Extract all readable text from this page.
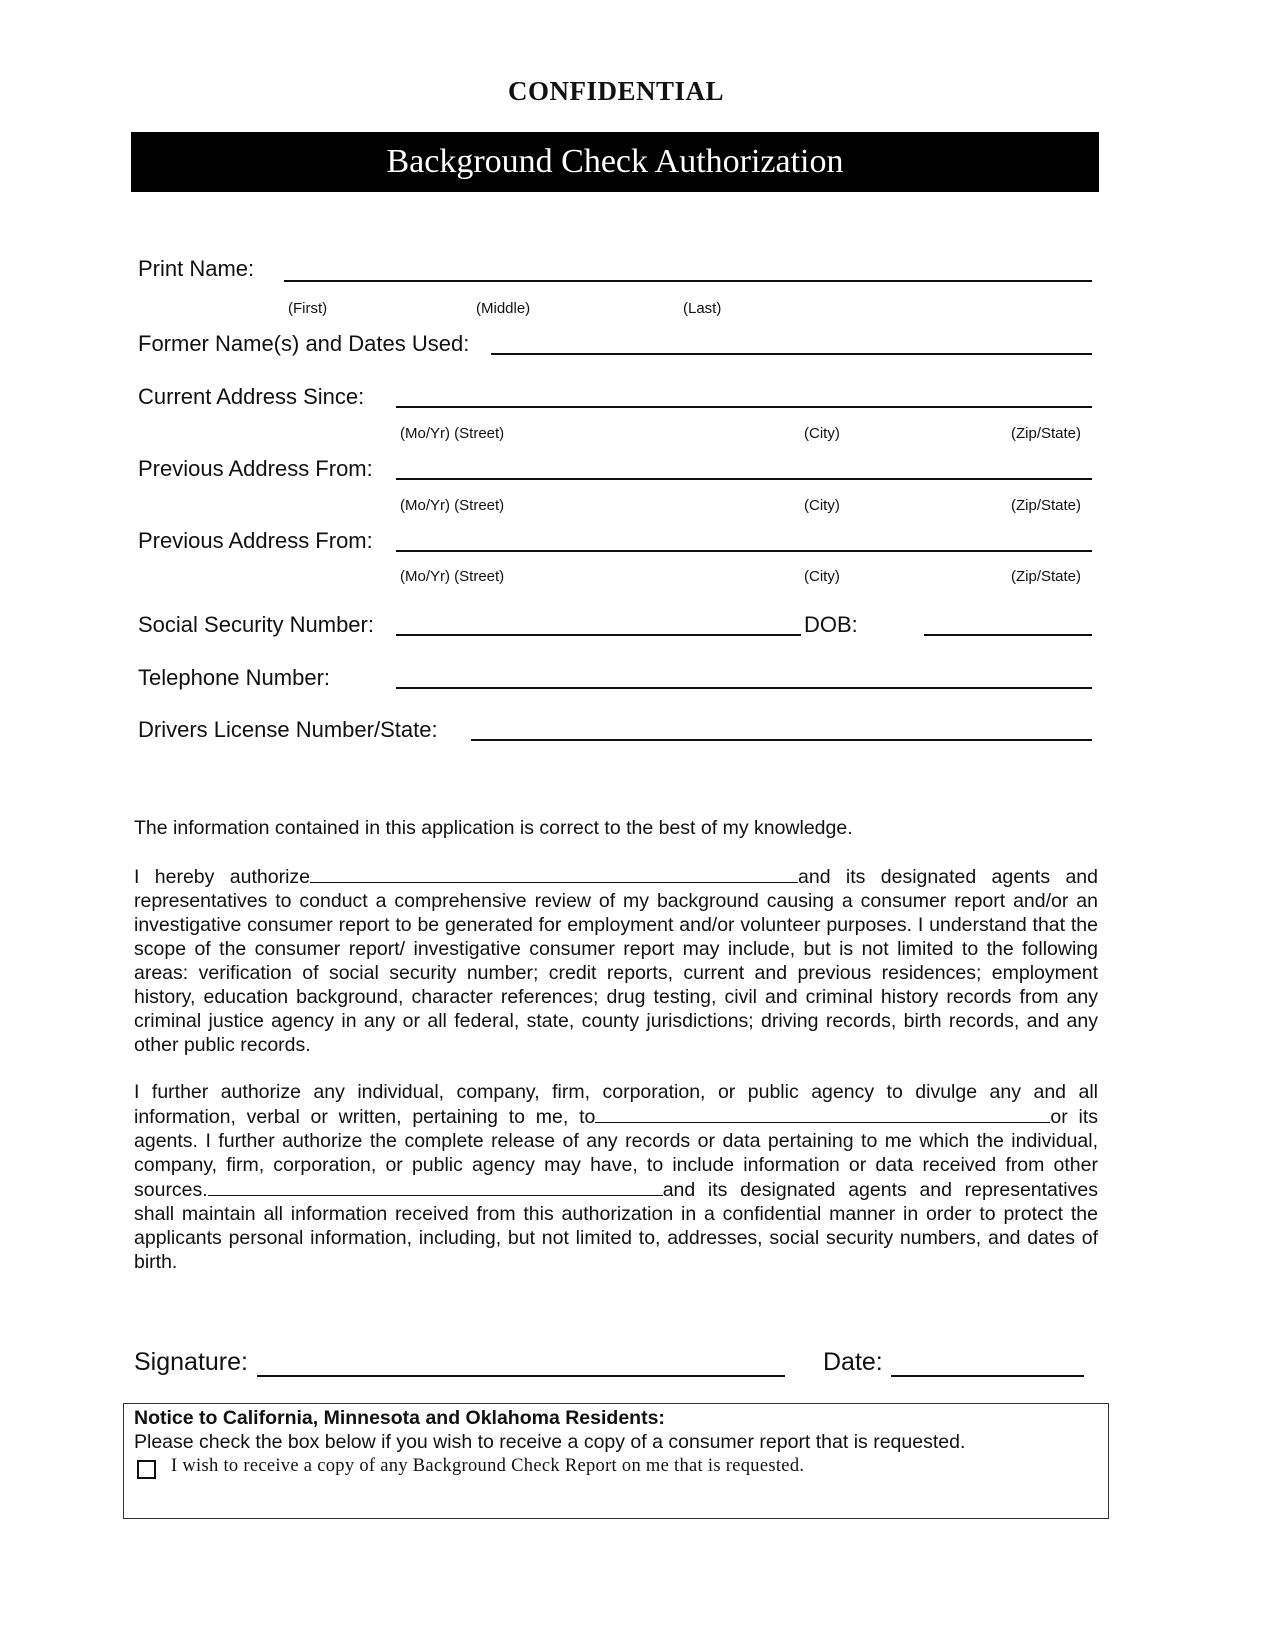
CONFIDENTIAL
Background Check Authorization
Print Name:
(First)	(Middle)	(Last)
Former Name(s) and Dates Used:
Current Address Since:
(Mo/Yr) (Street)	(City)	(Zip/State)
Previous Address From:
(Mo/Yr) (Street)	(City)	(Zip/State)
Previous Address From:
(Mo/Yr) (Street)	(City)	(Zip/State)
Social Security Number:	DOB:
Telephone Number:
Drivers License Number/State:
The information contained in this application is correct to the best of my knowledge.

I hereby authorize	and its designated agents and representatives to conduct a comprehensive review of my background causing a consumer report and/or an investigative consumer report to be generated for employment and/or volunteer purposes. I understand that the scope of the consumer report/ investigative consumer report may include, but is not limited to the following areas: verification of social security number; credit reports, current and previous residences; employment history, education background, character references; drug testing, civil and criminal history records from any criminal justice agency in any or all federal, state, county jurisdictions; driving records, birth records, and any other public records.

I further authorize any individual, company, firm, corporation, or public agency to divulge any and all information, verbal or written, pertaining to me, to	or its agents. I further authorize the complete release of any records or data pertaining to me which the individual, company, firm, corporation, or public agency may have, to include information or data received from other sources.	and its designated agents and representatives shall maintain all information received from this authorization in a confidential manner in order to protect the applicants personal information, including, but not limited to, addresses, social security numbers, and dates of birth.

Signature:	Date:
Notice to California, Minnesota and Oklahoma Residents:
Please check the box below if you wish to receive a copy of a consumer report that is requested.
I wish to receive a copy of any Background Check Report on me that is requested.
